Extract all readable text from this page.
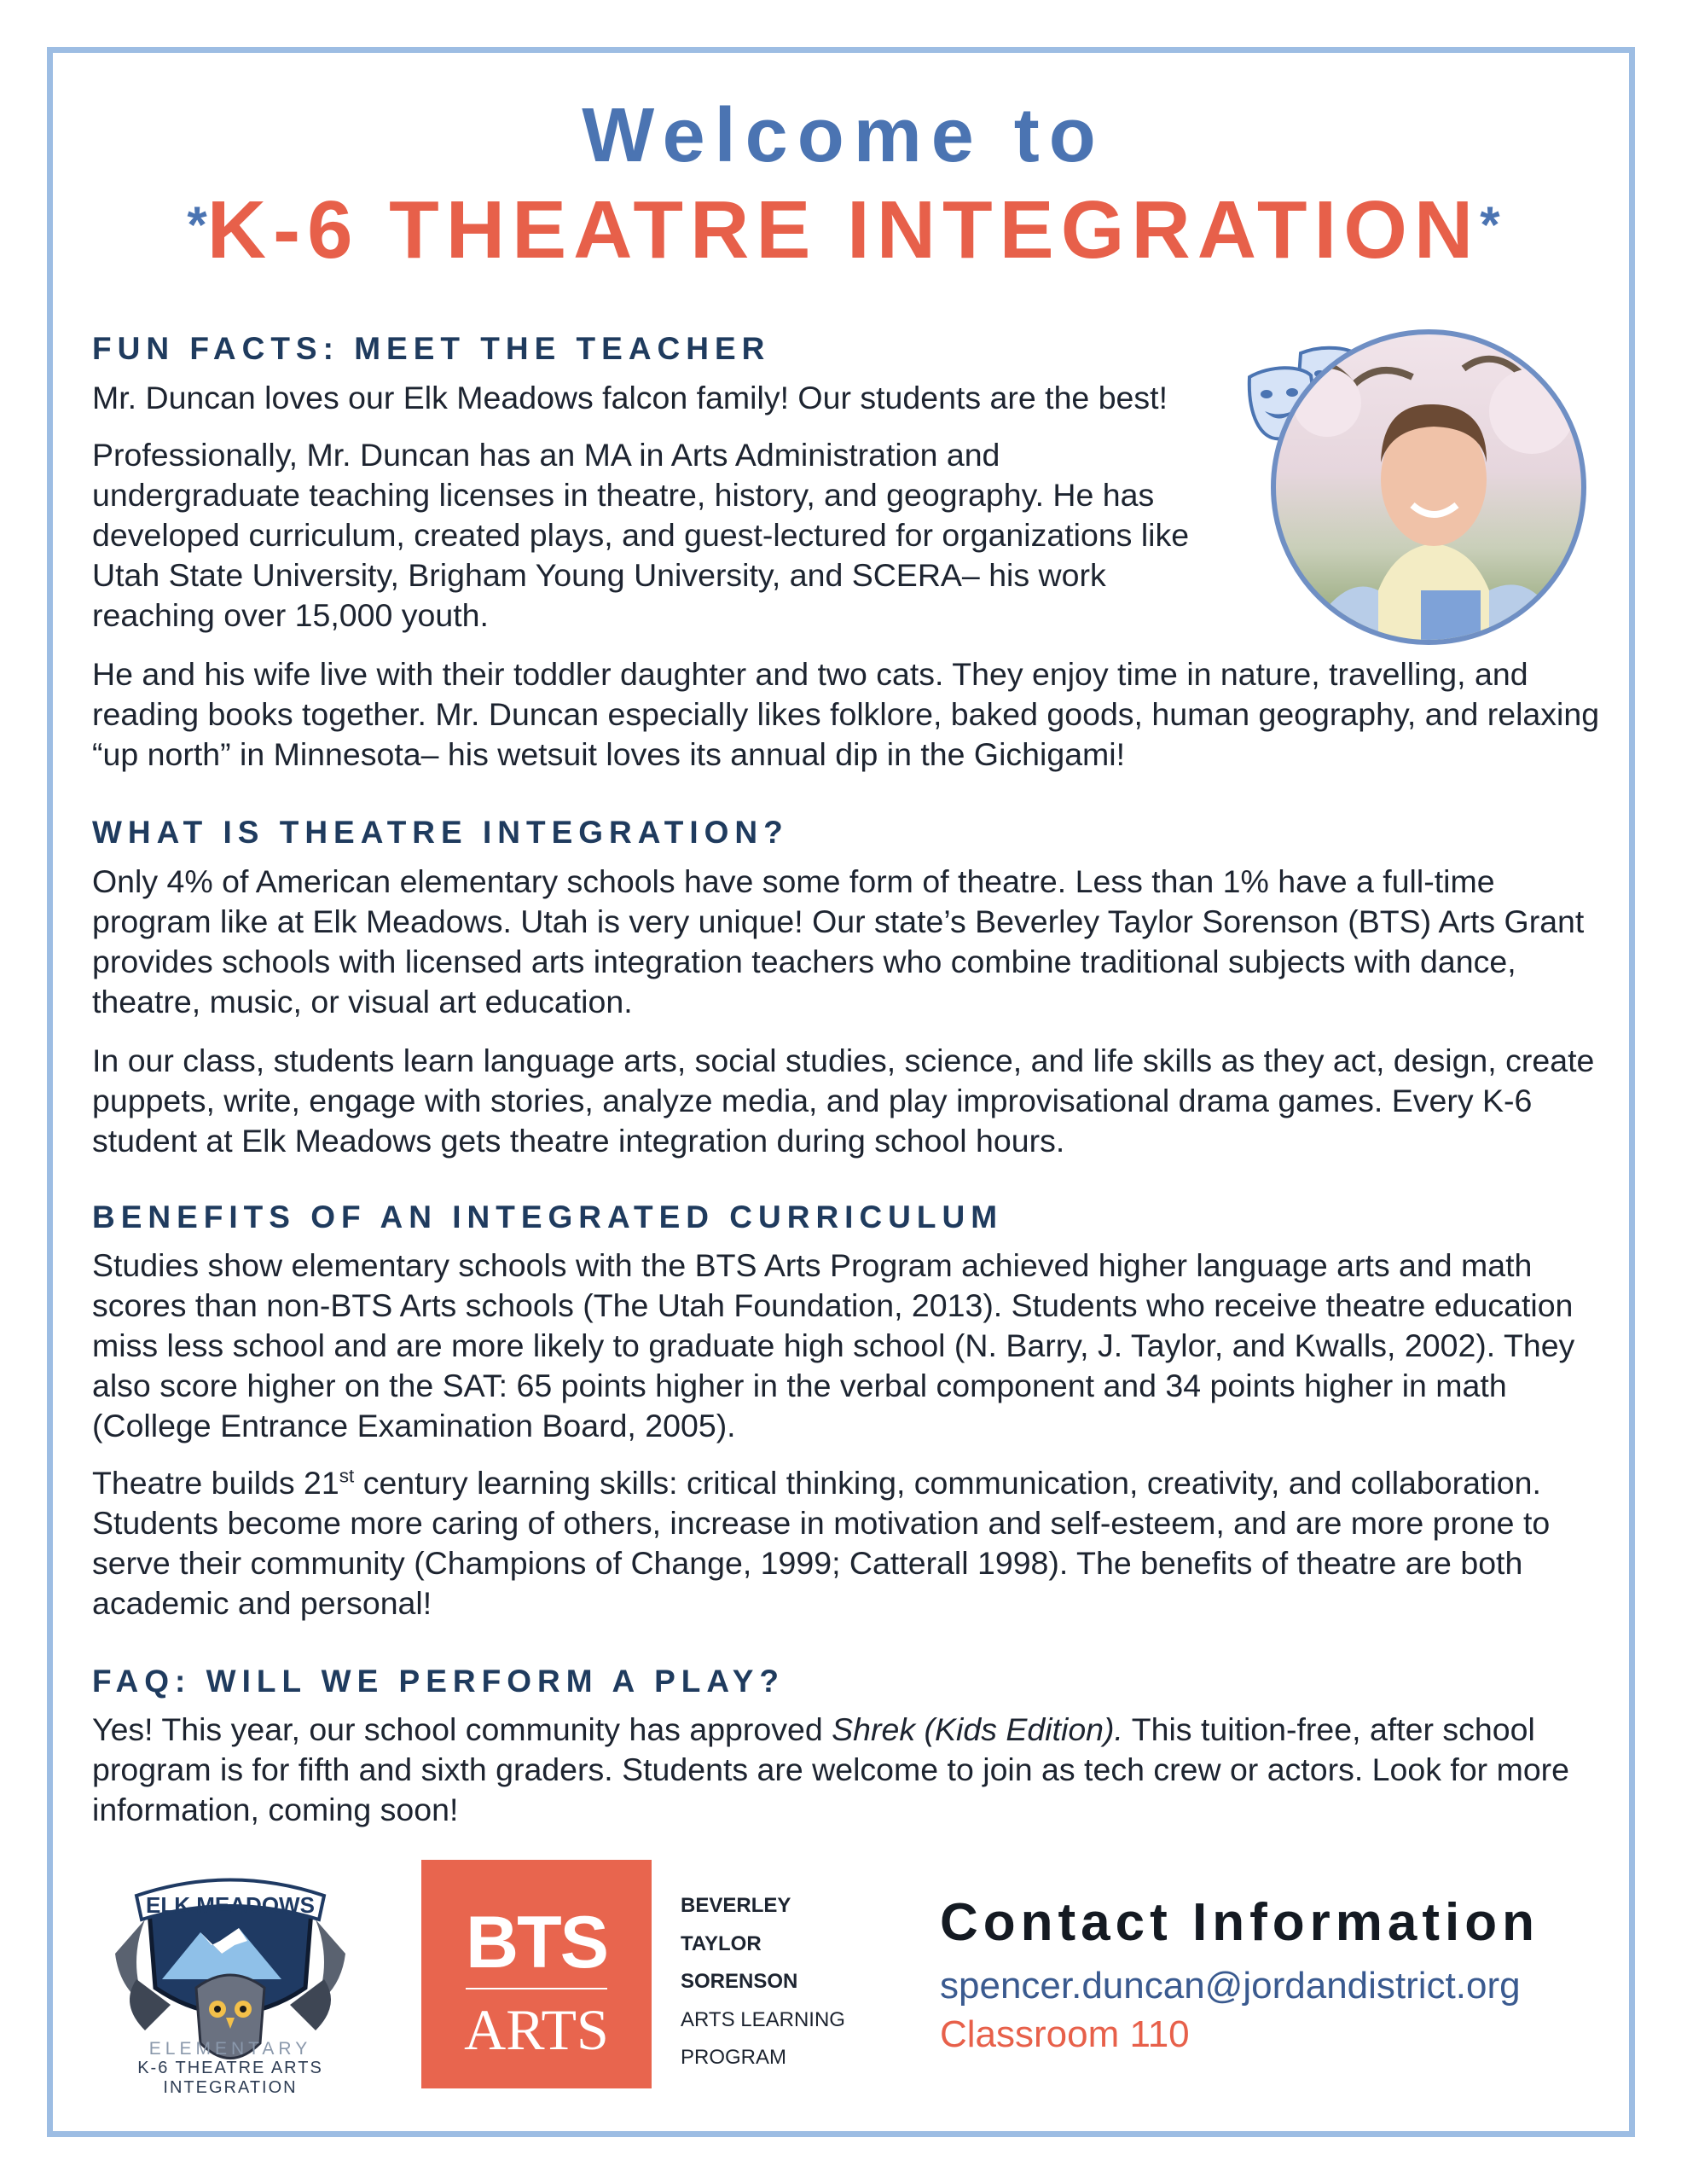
Welcome to
*K-6 THEATRE INTEGRATION*
FUN FACTS: MEET THE TEACHER

Mr. Duncan loves our Elk Meadows falcon family! Our students are the best!

Professionally, Mr. Duncan has an MA in Arts Administration and
undergraduate teaching licenses in theatre, history, and geography. He has
developed curriculum, created plays, and guest-lectured for organizations like
Utah State University, Brigham Young University, and SCERA– his work
reaching over 15,000 youth.

He and his wife live with their toddler daughter and two cats. They enjoy time in nature, travelling, and reading books together. Mr. Duncan especially likes folklore, baked goods, human geography, and relaxing “up north” in Minnesota– his wetsuit loves its annual dip in the Gichigami!

WHAT IS THEATRE INTEGRATION?

Only 4% of American elementary schools have some form of theatre. Less than 1% have a full-time program like at Elk Meadows. Utah is very unique! Our state’s Beverley Taylor Sorenson (BTS) Arts Grant provides schools with licensed arts integration teachers who combine traditional subjects with dance, theatre, music, or visual art education.

In our class, students learn language arts, social studies, science, and life skills as they act, design, create puppets, write, engage with stories, analyze media, and play improvisational drama games. Every K-6 student at Elk Meadows gets theatre integration during school hours.

BENEFITS OF AN INTEGRATED CURRICULUM

Studies show elementary schools with the BTS Arts Program achieved higher language arts and math scores than non-BTS Arts schools (The Utah Foundation, 2013). Students who receive theatre education miss less school and are more likely to graduate high school (N. Barry, J. Taylor, and Kwalls, 2002). They also score higher on the SAT: 65 points higher in the verbal component and 34 points higher in math (College Entrance Examination Board, 2005).

Theatre builds 21st century learning skills: critical thinking, communication, creativity, and collaboration. Students become more caring of others, increase in motivation and self-esteem, and are more prone to serve their community (Champions of Change, 1999; Catterall 1998). The benefits of theatre are both academic and personal!

FAQ: WILL WE PERFORM A PLAY?

Yes! This year, our school community has approved Shrek (Kids Edition). This tuition-free, after school program is for fifth and sixth graders. Students are welcome to join as tech crew or actors. Look for more information, coming soon!

ELK MEADOWS
ELEMENTARY
K-6 THEATRE ARTS
INTEGRATION
BTS
ARTS
BEVERLEY
TAYLOR
SORENSON
ARTS LEARNING
PROGRAM
Contact Information
spencer.duncan@jordandistrict.org
Classroom 110
